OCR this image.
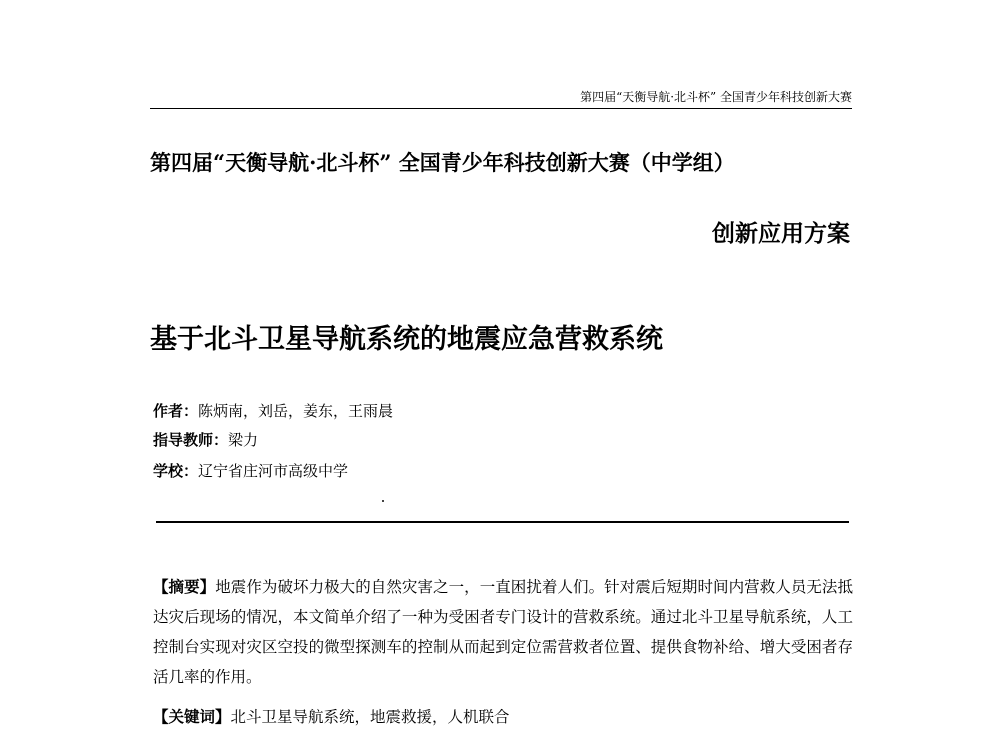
第四届“天衡导航·北斗杯” 全国青少年科技创新大赛
第四届“天衡导航·北斗杯” 全国青少年科技创新大赛（中学组）
创新应用方案
基于北斗卫星导航系统的地震应急营救系统
作者：陈炳南，刘岳，姜东，王雨晨
指导教师：梁力
学校：辽宁省庄河市高级中学
【摘要】地震作为破坏力极大的自然灾害之一，一直困扰着人们。针对震后短期时间内营救人员无法抵达灾后现场的情况，本文简单介绍了一种为受困者专门设计的营救系统。通过北斗卫星导航系统，人工控制台实现对灾区空投的微型探测车的控制从而起到定位需营救者位置、提供食物补给、增大受困者存活几率的作用。
【关键词】北斗卫星导航系统，地震救援，人机联合
